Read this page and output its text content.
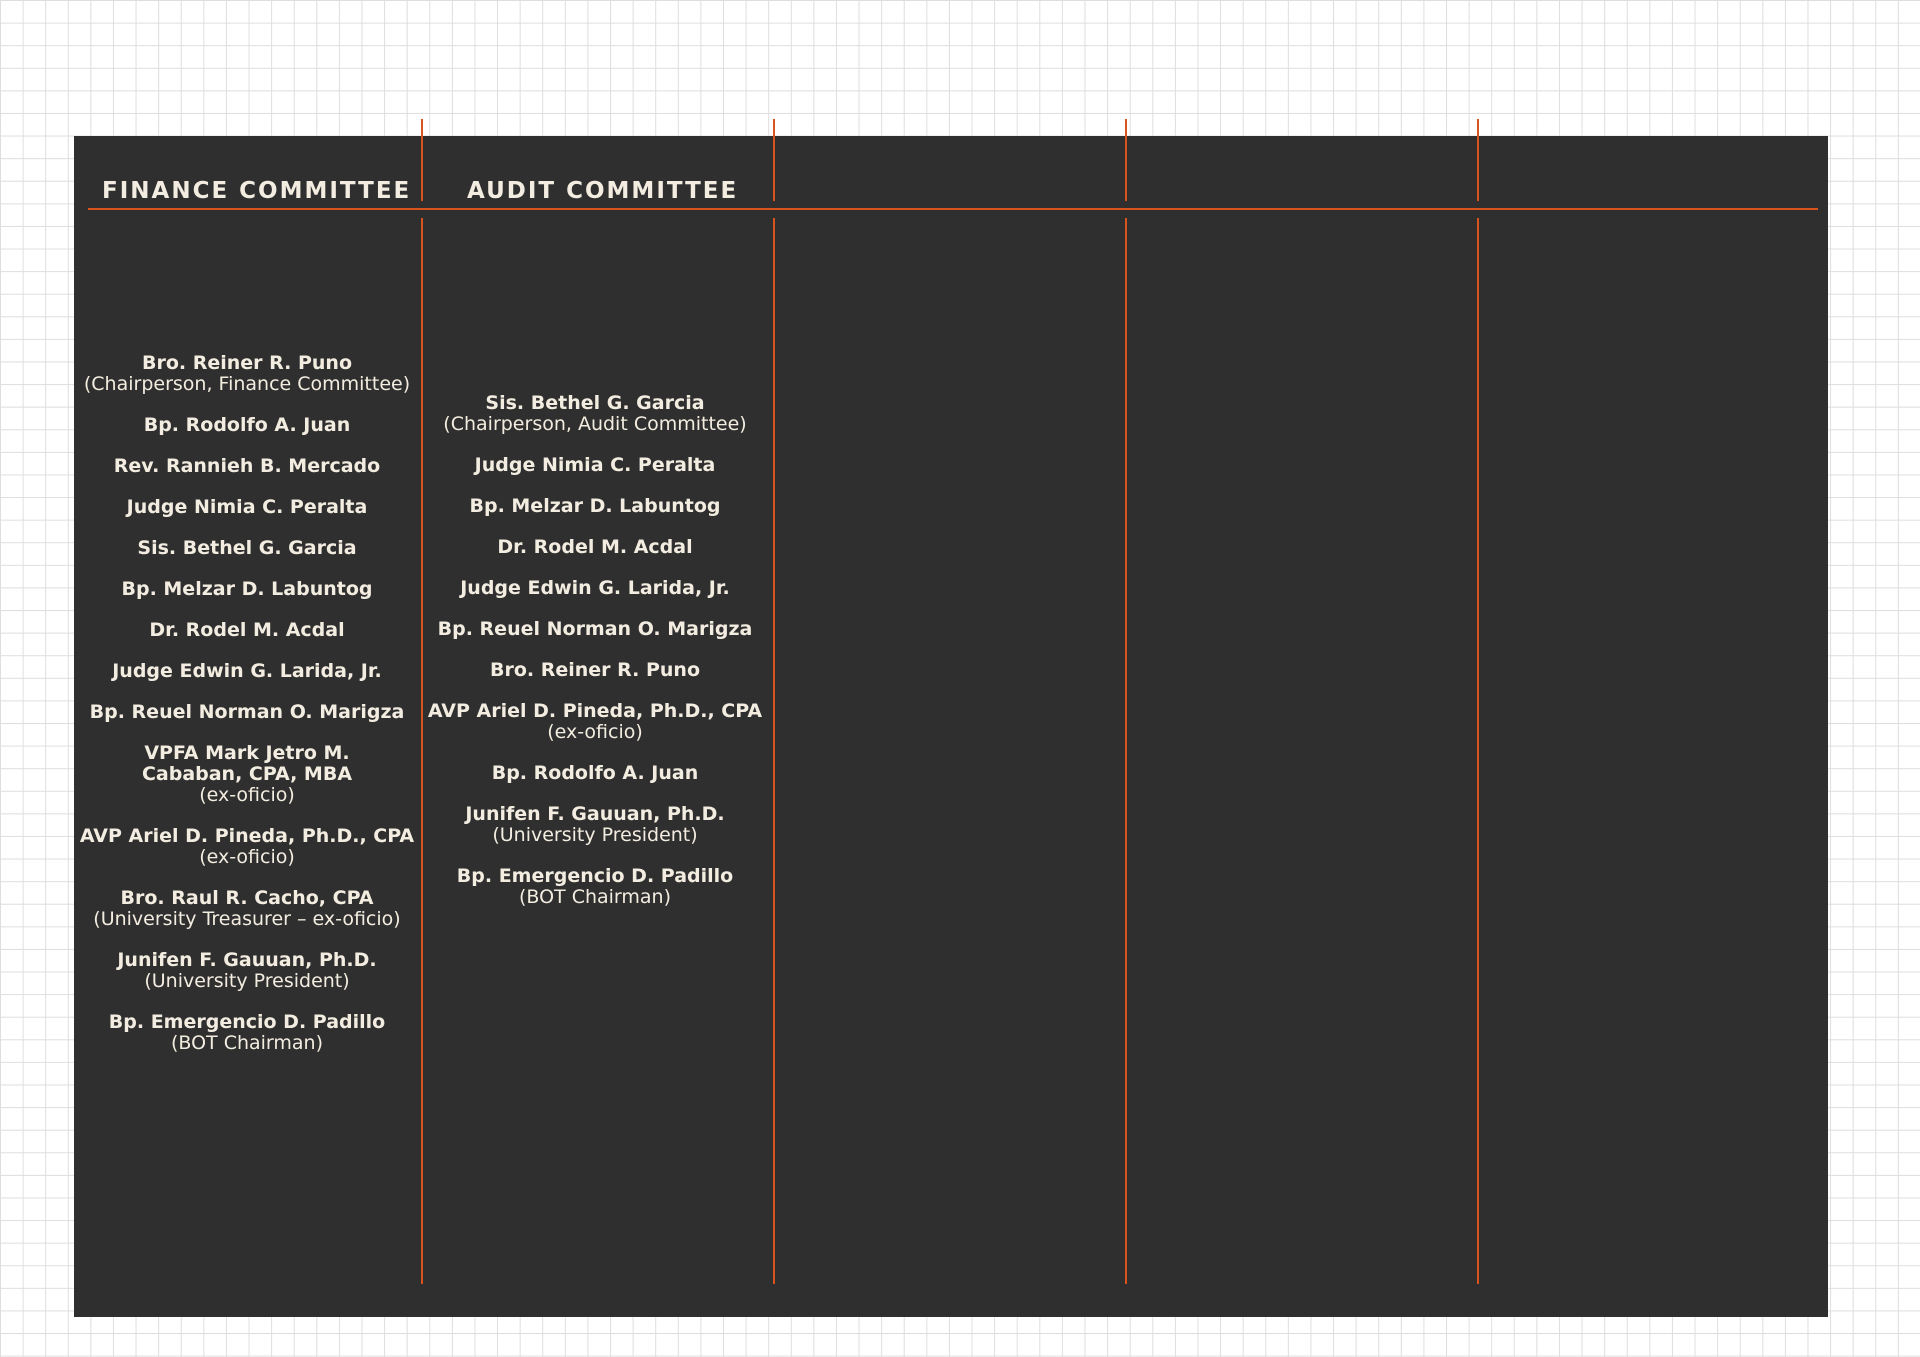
FINANCE COMMITTEE AUDIT COMMITTEE
Bro. Reiner R. Puno
(Chairperson, Finance Committee)
Bp. Rodolfo A. Juan
Rev. Rannieh B. Mercado
Judge Nimia C. Peralta
Sis. Bethel G. Garcia
Bp. Melzar D. Labuntog
Dr. Rodel M. Acdal
Judge Edwin G. Larida, Jr.
Bp. Reuel Norman O. Marigza
VPFA Mark Jetro M. Cababan, CPA, MBA
(ex-oficio)
AVP Ariel D. Pineda, Ph.D., CPA
(ex-oficio)
Bro. Raul R. Cacho, CPA
(University Treasurer – ex-oficio)
Junifen F. Gauuan, Ph.D.
(University President)
Bp. Emergencio D. Padillo
(BOT Chairman)
Sis. Bethel G. Garcia
(Chairperson, Audit Committee)
Judge Nimia C. Peralta
Bp. Melzar D. Labuntog
Dr. Rodel M. Acdal
Judge Edwin G. Larida, Jr.
Bp. Reuel Norman O. Marigza
Bro. Reiner R. Puno
AVP Ariel D. Pineda, Ph.D., CPA
(ex-oficio)
Bp. Rodolfo A. Juan
Junifen F. Gauuan, Ph.D.
(University President)
Bp. Emergencio D. Padillo
(BOT Chairman)
